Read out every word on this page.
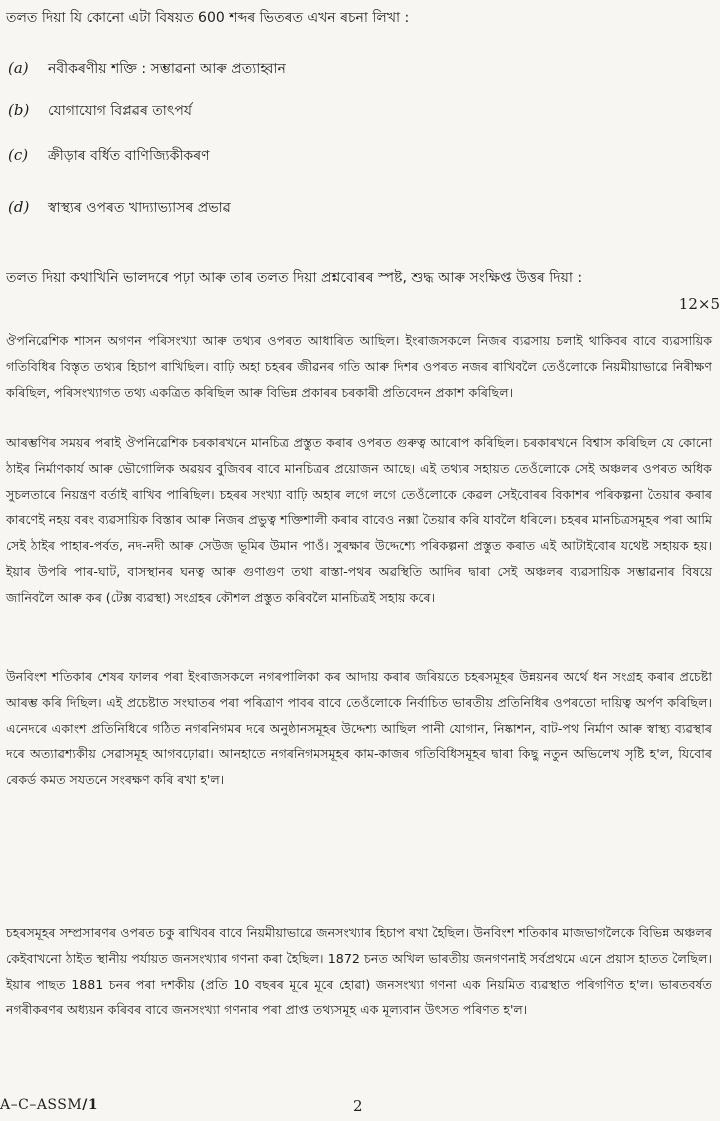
তলত দিয়া যি কোনো এটা বিষয়ত 600 শব্দৰ ভিতৰত এখন ৰচনা লিখা :
(a) নবীকৰণীয় শক্তি : সম্ভাৱনা আৰু প্ৰত্যাহ্বান
(b) যোগাযোগ বিপ্লৱৰ তাৎপৰ্য
(c) ক্ৰীড়াৰ বৰ্ধিত বাণিজ্যিকীকৰণ
(d) স্বাস্থ্যৰ ওপৰত খাদ্যাভ্যাসৰ প্ৰভাৱ
তলত দিয়া কথাখিনি ভালদৰে পঢ়া আৰু তাৰ তলত দিয়া প্ৰশ্নবোৰৰ স্পষ্ট, শুদ্ধ আৰু সংক্ষিপ্ত উত্তৰ দিয়া :
12×5

ঔপনিৱেশিক শাসন অগণন পৰিসংখ্যা আৰু তথ্যৰ ওপৰত আধাৰিত আছিল। ইংৰাজসকলে নিজৰ ব্যৱসায় চলাই থাকিবৰ বাবে ব্যৱসায়িক গতিবিধিৰ বিস্তৃত তথ্যৰ হিচাপ ৰাখিছিল। বাঢ়ি অহা চহৰৰ জীৱনৰ গতি আৰু দিশৰ ওপৰত নজৰ ৰাখিবলৈ তেওঁলোকে নিয়মীয়াভাৱে নিৰীক্ষণ কৰিছিল, পৰিসংখ্যাগত তথ্য একত্ৰিত কৰিছিল আৰু বিভিন্ন প্ৰকাৰৰ চৰকাৰী প্ৰতিবেদন প্ৰকাশ কৰিছিল।

আৰম্ভণিৰ সময়ৰ পৰাই ঔপনিৱেশিক চৰকাৰখনে মানচিত্ৰ প্ৰস্তুত কৰাৰ ওপৰত গুৰুত্ব আৰোপ কৰিছিল। চৰকাৰখনে বিশ্বাস কৰিছিল যে কোনো ঠাইৰ নিৰ্মাণকাৰ্য আৰু ভৌগোলিক অৱয়ব বুজিবৰ বাবে মানচিত্ৰৰ প্ৰয়োজন আছে। এই তথ্যৰ সহায়ত তেওঁলোকে সেই অঞ্চলৰ ওপৰত অধিক সুচলতাৰে নিয়ন্ত্ৰণ বৰ্তাই ৰাখিব পাৰিছিল। চহৰৰ সংখ্যা বাঢ়ি অহাৰ লগে লগে তেওঁলোকে কেৱল সেইবোৰৰ বিকাশৰ পৰিকল্পনা তৈয়াৰ কৰাৰ কাৰণেই নহয় বৰং ব্যৱসায়িক বিস্তাৰ আৰু নিজৰ প্ৰভুত্ব শক্তিশালী কৰাৰ বাবেও নক্সা তৈয়াৰ কৰি যাবলৈ ধৰিলে। চহৰৰ মানচিত্ৰসমূহৰ পৰা আমি সেই ঠাইৰ পাহাৰ-পৰ্বত, নদ-নদী আৰু সেউজ ভূমিৰ উমান পাওঁ। সুৰক্ষাৰ উদ্দেশ্যে পৰিকল্পনা প্ৰস্তুত কৰাত এই আটাইবোৰ যথেষ্ট সহায়ক হয়। ইয়াৰ উপৰি পাৰ-ঘাট, বাসস্থানৰ ঘনত্ব আৰু গুণাগুণ তথা ৰাস্তা-পথৰ অৱস্থিতি আদিৰ দ্বাৰা সেই অঞ্চলৰ ব্যৱসায়িক সম্ভাৱনাৰ বিষয়ে জানিবলৈ আৰু কৰ (টেক্স ব্যৱস্থা) সংগ্ৰহৰ কৌশল প্ৰস্তুত কৰিবলৈ মানচিত্ৰই সহায় কৰে।

উনবিংশ শতিকাৰ শেষৰ ফালৰ পৰা ইংৰাজসকলে নগৰপালিকা কৰ আদায় কৰাৰ জৰিয়তে চহৰসমূহৰ উন্নয়নৰ অৰ্থে ধন সংগ্ৰহ কৰাৰ প্ৰচেষ্টা আৰম্ভ কৰি দিছিল। এই প্ৰচেষ্টাত সংঘাতৰ পৰা পৰিত্ৰাণ পাবৰ বাবে তেওঁলোকে নিৰ্বাচিত ভাৰতীয় প্ৰতিনিধিৰ ওপৰতো দায়িত্ব অৰ্পণ কৰিছিল। এনেদৰে একাংশ প্ৰতিনিধিৰে গঠিত নগৰনিগমৰ দৰে অনুষ্ঠানসমূহৰ উদ্দেশ্য আছিল পানী যোগান, নিষ্কাশন, বাট-পথ নিৰ্মাণ আৰু স্বাস্থ্য ব্যৱস্থাৰ দৰে অত্যাৱশ্যকীয় সেৱাসমূহ আগবঢ়োৱা। আনহাতে নগৰনিগমসমূহৰ কাম-কাজৰ গতিবিধিসমূহৰ দ্বাৰা কিছু নতুন অভিলেখ সৃষ্টি হ'ল, যিবোৰ ৰেকৰ্ড কমত সযতনে সংৰক্ষণ কৰি ৰখা হ'ল।

চহৰসমূহৰ সম্প্ৰসাৰণৰ ওপৰত চকু ৰাখিবৰ বাবে নিয়মীয়াভাৱে জনসংখ্যাৰ হিচাপ ৰখা হৈছিল। উনবিংশ শতিকাৰ মাজভাগলৈকে বিভিন্ন অঞ্চলৰ কেইবাখনো ঠাইত স্থানীয় পৰ্যায়ত জনসংখ্যাৰ গণনা কৰা হৈছিল। 1872 চনত অখিল ভাৰতীয় জনগণনাই সৰ্বপ্ৰথমে এনে প্ৰয়াস হাতত লৈছিল। ইয়াৰ পাছত 1881 চনৰ পৰা দশকীয় (প্ৰতি 10 বছৰৰ মূৰে মূৰে হোৱা) জনসংখ্যা গণনা এক নিয়মিত ব্যৱস্থাত পৰিগণিত হ'ল। ভাৰতবৰ্ষত নগৰীকৰণৰ অধ্যয়ন কৰিবৰ বাবে জনসংখ্যা গণনাৰ পৰা প্ৰাপ্ত তথ্যসমূহ এক মূল্যবান উৎসত পৰিণত হ'ল।

A–C–ASSM/1	2
